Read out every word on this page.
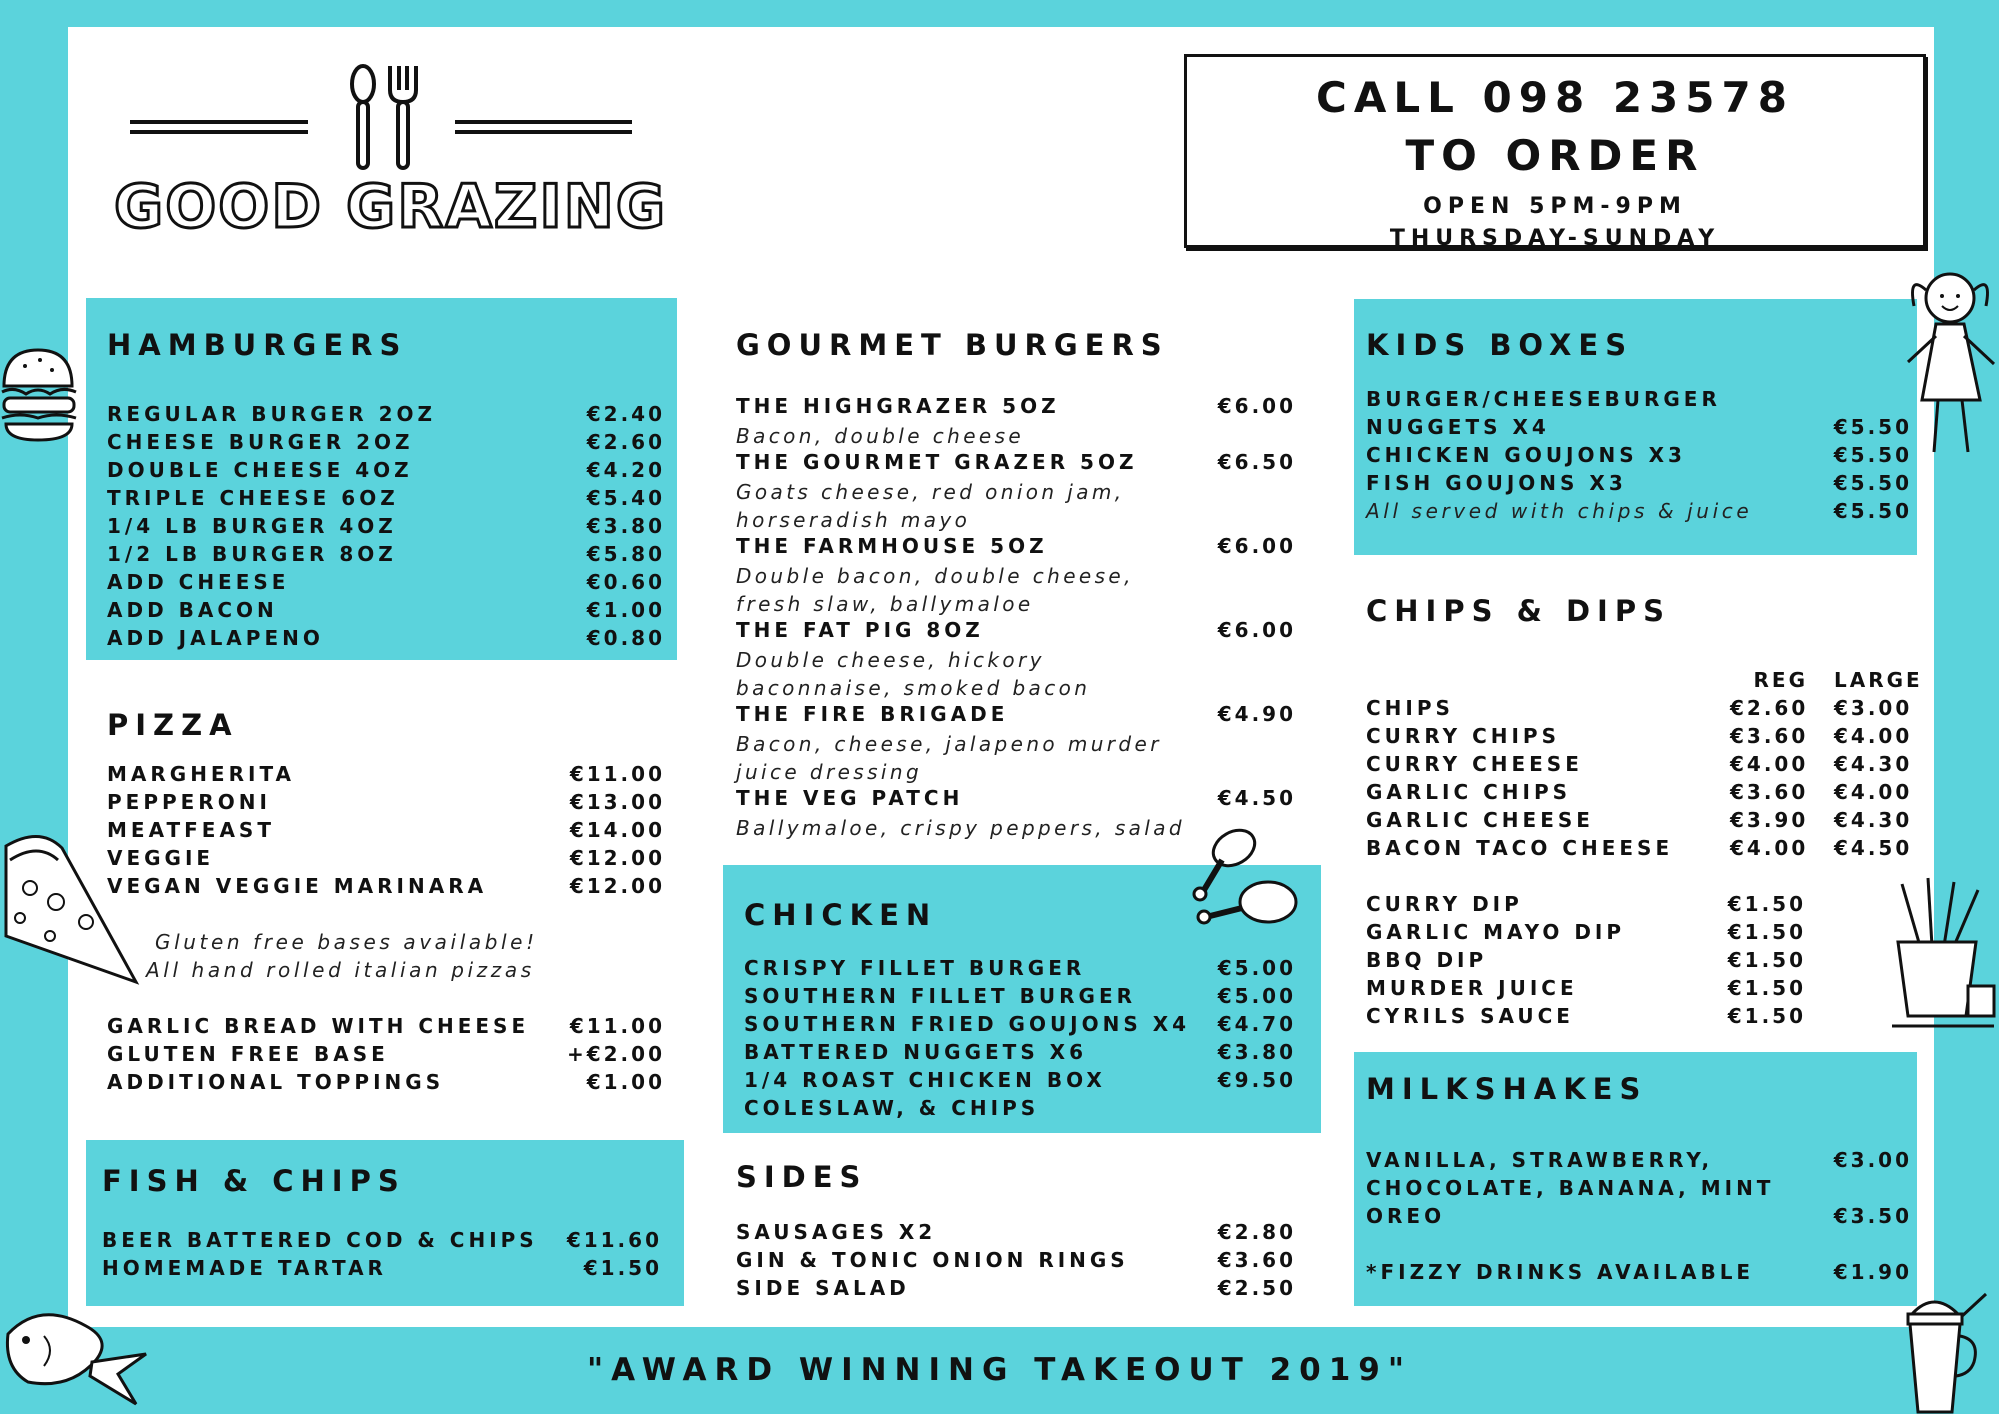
GOOD GRAZING
CALL 098 23578
TO ORDER
OPEN 5PM-9PM
THURSDAY-SUNDAY
HAMBURGERS
REGULAR BURGER 2OZ	€2.40
CHEESE BURGER 2OZ	€2.60
DOUBLE CHEESE 4OZ	€4.20
TRIPLE CHEESE 6OZ	€5.40
1/4 LB BURGER 4OZ	€3.80
1/2 LB BURGER 8OZ	€5.80
ADD CHEESE	€0.60
ADD BACON	€1.00
ADD JALAPENO	€0.80
PIZZA
MARGHERITA	€11.00
PEPPERONI	€13.00
MEATFEAST	€14.00
VEGGIE	€12.00
VEGAN VEGGIE MARINARA	€12.00
Gluten free bases available!
All hand rolled italian pizzas
GARLIC BREAD WITH CHEESE €11.00
GLUTEN FREE BASE	+€2.00
ADDITIONAL TOPPINGS	€1.00
FISH & CHIPS
BEER BATTERED COD & CHIPS €11.60
HOMEMADE TARTAR	€1.50
GOURMET BURGERS
THE HIGHGRAZER 5OZ	€6.00
Bacon, double cheese
THE GOURMET GRAZER 5OZ	€6.50
Goats cheese, red onion jam,
horseradish mayo
THE FARMHOUSE 5OZ	€6.00
Double bacon, double cheese,
fresh slaw, ballymaloe
THE FAT PIG 8OZ	€6.00
Double cheese, hickory
baconnaise, smoked bacon
THE FIRE BRIGADE	€4.90
Bacon, cheese, jalapeno murder
juice dressing
THE VEG PATCH	€4.50
Ballymaloe, crispy peppers, salad
CHICKEN
CRISPY FILLET BURGER	€5.00
SOUTHERN FILLET BURGER	€5.00
SOUTHERN FRIED GOUJONS X4 €4.70
BATTERED NUGGETS X6	€3.80
1/4 ROAST CHICKEN BOX	€9.50
COLESLAW, & CHIPS
SIDES
SAUSAGES X2	€2.80
GIN & TONIC ONION RINGS	€3.60
SIDE SALAD	€2.50
KIDS BOXES
BURGER/CHEESEBURGER
NUGGETS X4	€5.50
CHICKEN GOUJONS X3	€5.50
FISH GOUJONS X3	€5.50
All served with chips & juice	€5.50
CHIPS & DIPS
REG LARGE
CHIPS	€2.60 €3.00
CURRY CHIPS	€3.60 €4.00
CURRY CHEESE	€4.00 €4.30
GARLIC CHIPS	€3.60 €4.00
GARLIC CHEESE	€3.90 €4.30
BACON TACO CHEESE	€4.00 €4.50
CURRY DIP	€1.50
GARLIC MAYO DIP	€1.50
BBQ DIP	€1.50
MURDER JUICE	€1.50
CYRILS SAUCE	€1.50
MILKSHAKES
VANILLA, STRAWBERRY,	€3.00
CHOCOLATE, BANANA, MINT
OREO	€3.50
*FIZZY DRINKS AVAILABLE	€1.90
"AWARD WINNING TAKEOUT 2019"
